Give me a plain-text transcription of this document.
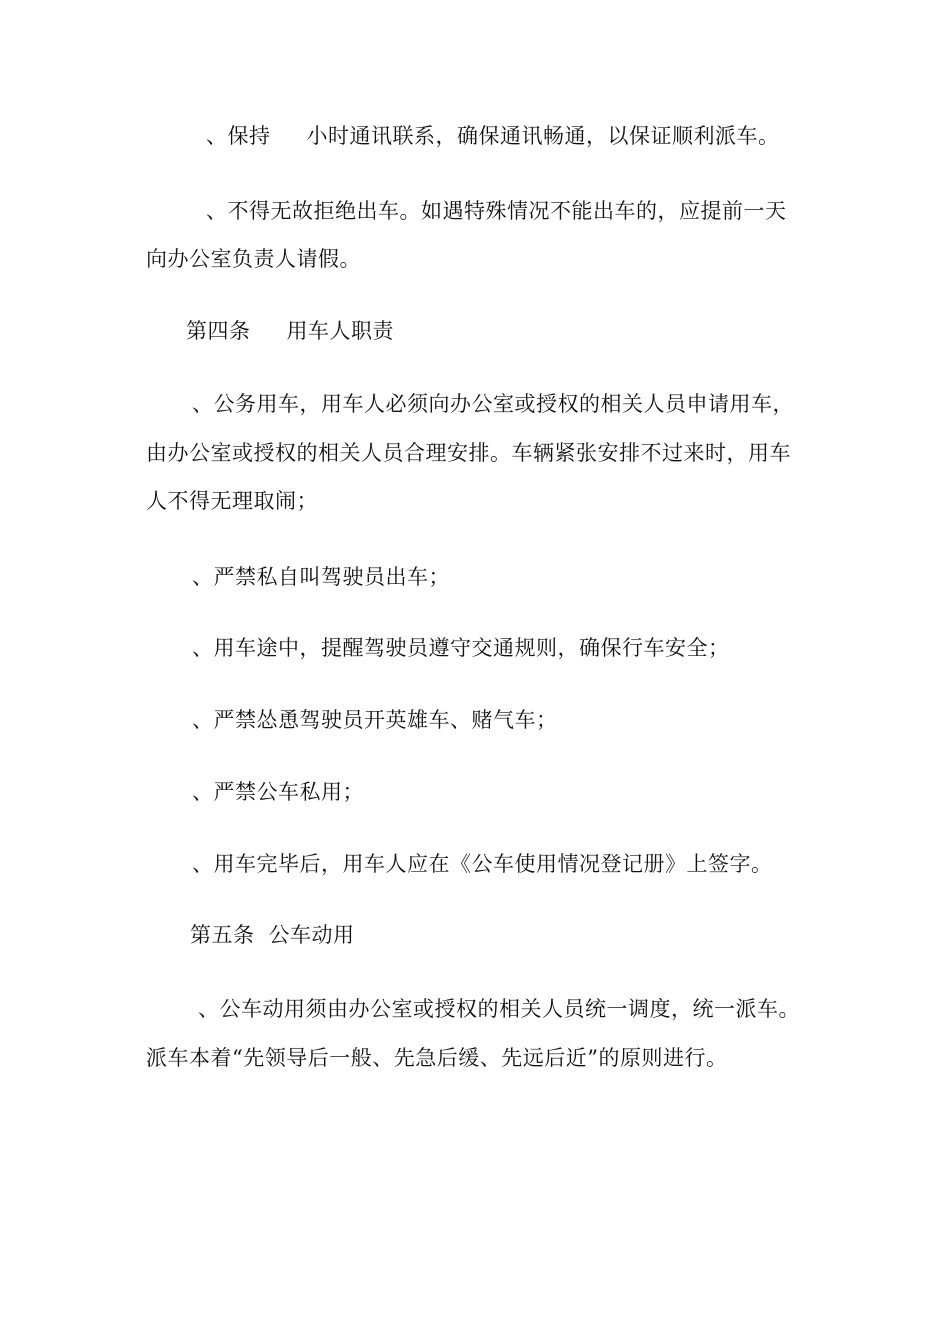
、保持 小时通讯联系，确保通讯畅通，以保证顺利派车。
、不得无故拒绝出车。如遇特殊情况不能出车的，应提前一天
向办公室负责人请假。
第四条 用车人职责
、公务用车，用车人必须向办公室或授权的相关人员申请用车，
由办公室或授权的相关人员合理安排。车辆紧张安排不过来时，用车
人不得无理取闹；
、严禁私自叫驾驶员出车；
、用车途中，提醒驾驶员遵守交通规则，确保行车安全；
、严禁怂恿驾驶员开英雄车、赌气车；
、严禁公车私用；
、用车完毕后，用车人应在《公车使用情况登记册》上签字。
第五条 公车动用
、公车动用须由办公室或授权的相关人员统一调度，统一派车。
派车本着“先领导后一般、先急后缓、先远后近”的原则进行。
